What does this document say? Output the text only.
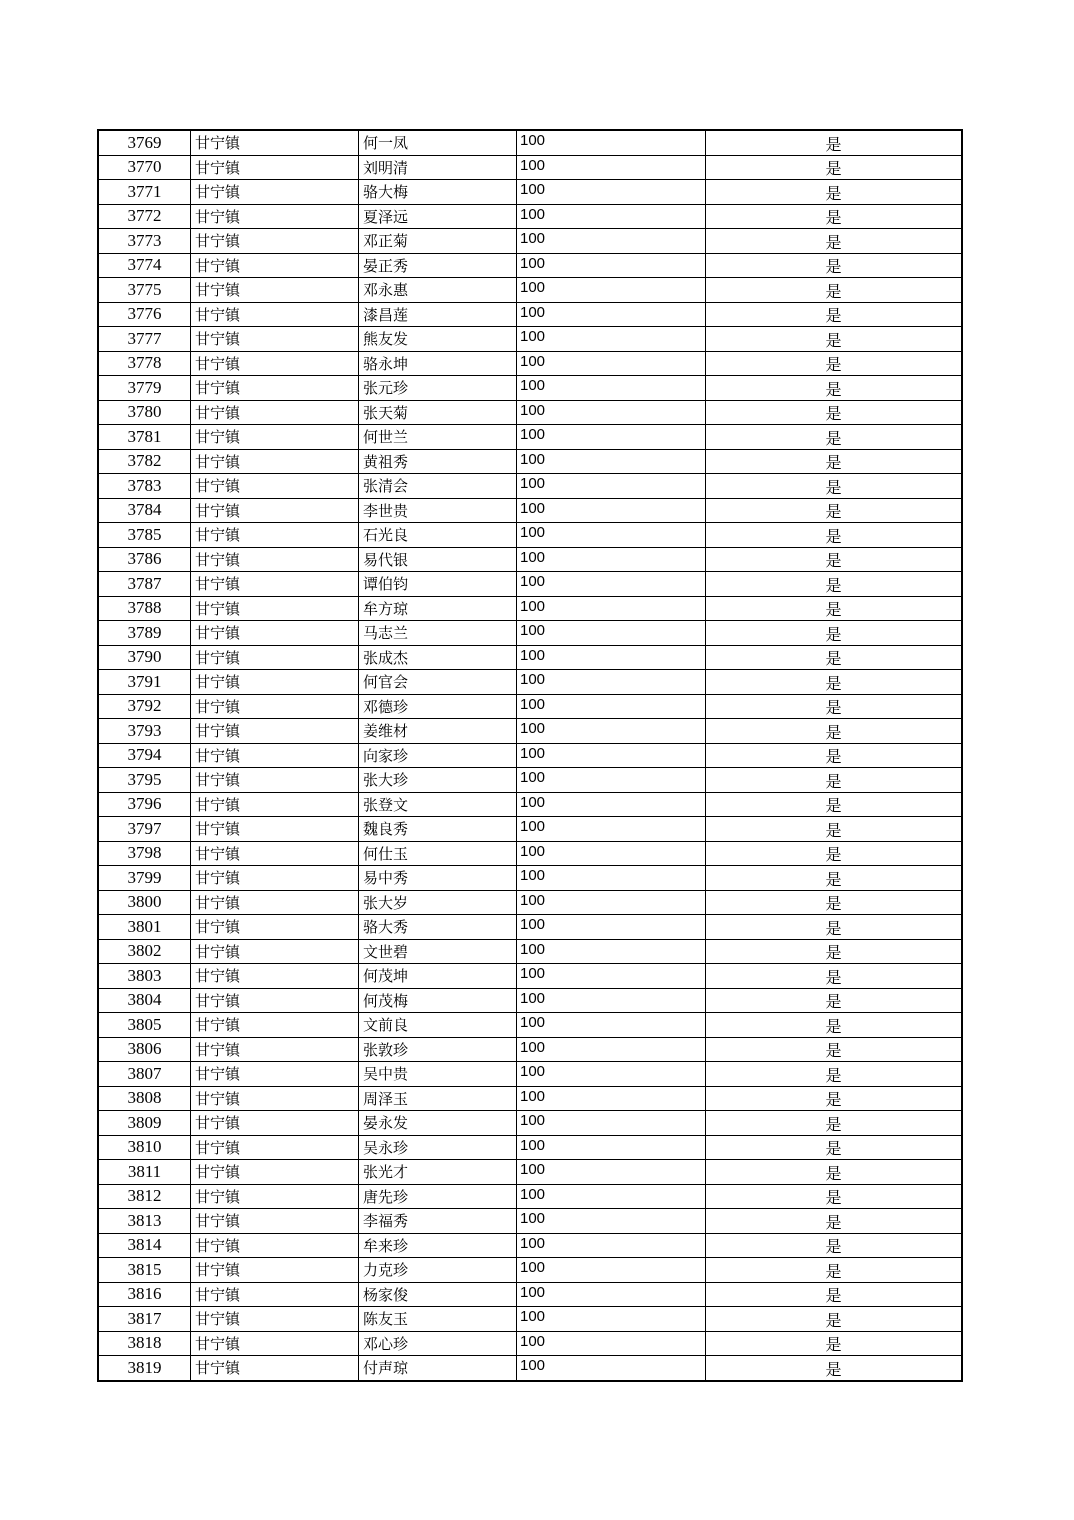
3769	甘宁镇	何一凤	100	是
3770	甘宁镇	刘明清	100	是
3771	甘宁镇	骆大梅	100	是
3772	甘宁镇	夏泽远	100	是
3773	甘宁镇	邓正菊	100	是
3774	甘宁镇	晏正秀	100	是
3775	甘宁镇	邓永惠	100	是
3776	甘宁镇	漆昌莲	100	是
3777	甘宁镇	熊友发	100	是
3778	甘宁镇	骆永坤	100	是
3779	甘宁镇	张元珍	100	是
3780	甘宁镇	张天菊	100	是
3781	甘宁镇	何世兰	100	是
3782	甘宁镇	黄祖秀	100	是
3783	甘宁镇	张清会	100	是
3784	甘宁镇	李世贵	100	是
3785	甘宁镇	石光良	100	是
3786	甘宁镇	易代银	100	是
3787	甘宁镇	谭伯钧	100	是
3788	甘宁镇	牟方琼	100	是
3789	甘宁镇	马志兰	100	是
3790	甘宁镇	张成杰	100	是
3791	甘宁镇	何官会	100	是
3792	甘宁镇	邓德珍	100	是
3793	甘宁镇	姜维材	100	是
3794	甘宁镇	向家珍	100	是
3795	甘宁镇	张大珍	100	是
3796	甘宁镇	张登文	100	是
3797	甘宁镇	魏良秀	100	是
3798	甘宁镇	何仕玉	100	是
3799	甘宁镇	易中秀	100	是
3800	甘宁镇	张大岁	100	是
3801	甘宁镇	骆大秀	100	是
3802	甘宁镇	文世碧	100	是
3803	甘宁镇	何茂坤	100	是
3804	甘宁镇	何茂梅	100	是
3805	甘宁镇	文前良	100	是
3806	甘宁镇	张敦珍	100	是
3807	甘宁镇	吴中贵	100	是
3808	甘宁镇	周泽玉	100	是
3809	甘宁镇	晏永发	100	是
3810	甘宁镇	吴永珍	100	是
3811	甘宁镇	张光才	100	是
3812	甘宁镇	唐先珍	100	是
3813	甘宁镇	李福秀	100	是
3814	甘宁镇	牟来珍	100	是
3815	甘宁镇	力克珍	100	是
3816	甘宁镇	杨家俊	100	是
3817	甘宁镇	陈友玉	100	是
3818	甘宁镇	邓心珍	100	是
3819	甘宁镇	付声琼	100	是
